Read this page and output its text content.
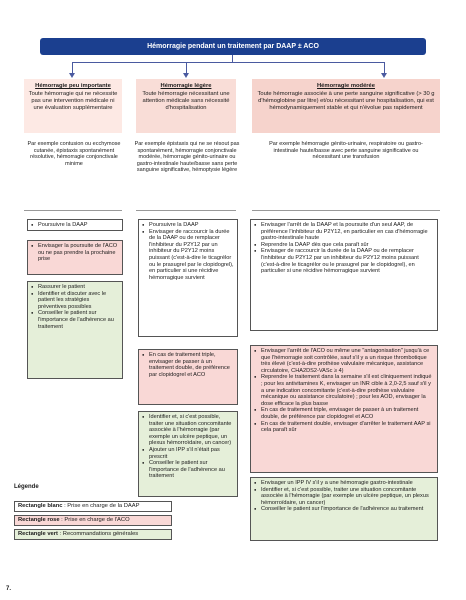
Hémorragie pendant un traitement par DAAP ± ACO
Hémorragie peu importante
Toute hémorragie qui ne nécessite pas une intervention médicale ni une évaluation supplémentaire
Hémorragie légère
Toute hémorragie nécessitant une attention médicale sans nécessité d'hospitalisation
Hémorragie modérée
Toute hémorragie associée à une perte sanguine significative (> 30 g d'hémoglobine par litre) et/ou nécessitant une hospitalisation, qui est hémodynamiquement stable et qui n'évolue pas rapidement
Par exemple contusion ou ecchymose cutanée, épistaxis spontanément résolutive, hémorragie conjonctivale minime
Par exemple épistaxis qui ne se résout pas spontanément, hémorragie conjonctivale modérée, hémorragie génito-urinaire ou gastro-intestinale haute/basse sans perte sanguine significative, hémoptysie légère
Par exemple hémorragie génito-urinaire, respiratoire ou gastro-intestinale haute/basse avec perte sanguine significative ou nécessitant une transfusion
● Poursuivre la DAAP
● Envisager la poursuite de l'ACO ou ne pas prendre la prochaine prise
● Rassurer le patient
● Identifier et discuter avec le patient les stratégies préventives possibles
● Conseiller le patient sur l'importance de l'adhérence au traitement
● Poursuivre la DAAP
● Envisager de raccourcir la durée de la DAAP ou de remplacer l'inhibiteur du P2Y12 par un inhibiteur du P2Y12 moins puissant (c'est-à-dire le ticagrélor ou le prasugrel par le clopidogrel), en particulier si une récidive hémorragique survient
● En cas de traitement triple, envisager de passer à un traitement double, de préférence par clopidogrel et ACO
● Identifier et, si c'est possible, traiter une situation concomitante associée à l'hémorragie (par exemple un ulcère peptique, un plexus hémorroïdaire, un cancer)
● Ajouter un IPP s'il n'était pas prescrit
● Conseiller le patient sur l'importance de l'adhérence au traitement
● Envisager l'arrêt de la DAAP et la poursuite d'un seul AAP, de préférence l'inhibiteur du P2Y12, en particulier en cas d'hémorragie gastro-intestinale haute
● Reprendre la DAAP dès que cela paraît sûr
● Envisager de raccourcir la durée de la DAAP ou de remplacer l'inhibiteur du P2Y12 par un inhibiteur du P2Y12 moins puissant (c'est-à-dire le ticagrélor ou le prasugrel par le clopidogrel), en particulier si une récidive hémorragique survient
● Envisager l'arrêt de l'ACO ou même une "antagonisation" jusqu'à ce que l'hémorragie soit contrôlée, sauf s'il y a un risque thrombotique très élevé (c'est-à-dire prothèse valvulaire mécanique, assistance circulatoire, CHA2DS2-VASc ≥ 4)
● Reprendre le traitement dans la semaine s'il est cliniquement indiqué ; pour les antivitamines K, envisager un INR cible à 2,0-2,5 sauf s'il y a une indication concomitante (c'est-à-dire prothèse valvulaire mécanique ou assistance circulatoire) ; pour les AOD, envisager la dose efficace la plus basse
● En cas de traitement triple, envisager de passer à un traitement double, de préférence par clopidogrel et ACO
● En cas de traitement double, envisager d'arrêter le traitement AAP si cela paraît sûr
● Envisager un IPP IV s'il y a une hémorragie gastro-intestinale
● Identifier et, si c'est possible, traiter une situation concomitante associée à l'hémorragie (par exemple un ulcère peptique, un plexus hémorroïdaire, un cancer)
● Conseiller le patient sur l'importance de l'adhérence au traitement
Légende
Rectangle blanc : Prise en charge de la DAAP
Rectangle rose : Prise en charge de l'ACO
Rectangle vert : Recommandations générales
7.
